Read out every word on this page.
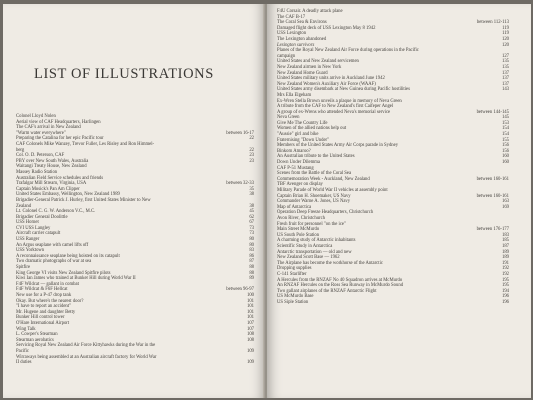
LIST OF ILLUSTRATIONS
Colonel Lloyd Nolen
Aerial view of CAF Headquarters, Harlingen
The CAF's arrival in New Zealand
"Warm water everywhere"	between 16-17
Preparing the Catalina for her epic Pacific tour	22
CAF Colonels Mike Wanzey, Trevor Fuller, Les Risley and Ron Himmel-
berg	22
Col. O. D. Peterson, CAF	23
PBY over New South Wales, Australia	23
Waitangi Treaty House, New Zealand
Massey Radio Station
Australian Field Service schedules and friends
Trafalgar Mill Stream, Virginia, USA	between 32-33
Captain Mosick's Pan Am Clipper	35
United States Embassy, Wellington, New Zealand 1989	38
Brigadier-General Patrick J. Hurley, first United States Minister to New
Zealand	38
Lt. Colonel C. G. W. Anderson V.C., M.C.	45
Brigadier General Doolittle	62
USS Hornet	67
CVI USS Langley	73
Aircraft carrier catapult	73
USS Ranger	80
An Argus seaplane with camel lifts off	80
USS Yorktown	83
A reconnaissance seaplane being hoisted on its catapult	86
Two dramatic photographs of war at sea	87
Spitfire	88
King George VI visits New Zealand Spitfire pilots	88
Kiwi Ian James who trained at Bunker Hill during World War II	89
F4F Wildcat — gallant in combat
F4F Wildcat & F6F Hellcat	between 96-97
New use for a P-47 drop tank	100
Okay. But where's the nearest door?	101
"I have to report an accident"	101
Mr. Hugene and daughter Betty	101
Bunker Hill control tower	101
O'Hare International Airport	107
Wing Talk	107
L. Cowper's Stearman	108
Stearman aerobatics	108
Servicing Royal New Zealand Air Force Kittyhawks during the War in the
Pacific	109
Wirraways being assembled at an Australian aircraft factory for World War
II duties	109
F4U Corsair. A deadly attack plane
The CAF B-17
The Coral Sea & Environs	between 112-113
Damaged flight deck of USS Lexington May 8 1942	119
USS Lexington	119
The Lexington abandoned	120
Lexington survivors	120
Planes of the Royal New Zealand Air Force during operations in the Pacific
campaign	127
United States and New Zealand servicemen	135
New Zealand airmen in New York	135
New Zealand Home Guard	137
United States military units arrive in Auckland June 1942	137
New Zealand Women's Auxiliary Air Force (WAAF)	137
United States army disembark at New Guinea during Pacific hostilities	143
Mrs Ella Elgeham
Ex-Wren Stella Brown unveils a plaque in memory of Neva Green
A tribute from the CAF to New Zealand's first Caifeper Angel
A group of ex-Wrens who attended Neva's memorial service	between 144-145
Neva Green	145
Give Me The Country Life	153
Women of the allied nations help out	154
"Aussie" girl and bike	154
Fraternising "Down Under"	155
Members of the United States Army Air Corps parade in Sydney	156
Binkorn Amaroo?	156
An Australian tribute to the United States	160
Down Under Dilemma	160
CAF P-51 Mustang
Scenes from the Battle of the Coral Sea
Commemoration Week - Auckland, New Zealand	between 160-161
TBF Avenger on display
Military Parade of World War II vehicles at assembly point
Captain Brian H. Shoemaker, US Navy	between 160-161
Commander Warne A. Jones, US Navy	163
Map of Antarctica	169
Operation Deep Freeze Headquarters, Christchurch
Avon River, Christchurch
Fresh fruit for personnel "on the ice"
Main Street McMurdo	between 176-177
US South Pole Station	183
A charming study of Antarctic inhabitants	185
Scientific Study in Antarctica	187
Antarctic transportation — old and new	189
New Zealand Scott Base — 1962	189
The Airplane has become the workhorse of the Antarctic	191
Dropping supplies	192
C-141 Starlifter	192
A Hercules from the RNZAF No 40 Squadron arrives at McMurdo	195
An RNZAF Hercules on the Ross Sea Runway in McMurdo Sound	195
Two gallant airplanes of the RNZAF Antarctic Flight	194
US McMurdo Base	196
US Siple Station	196
